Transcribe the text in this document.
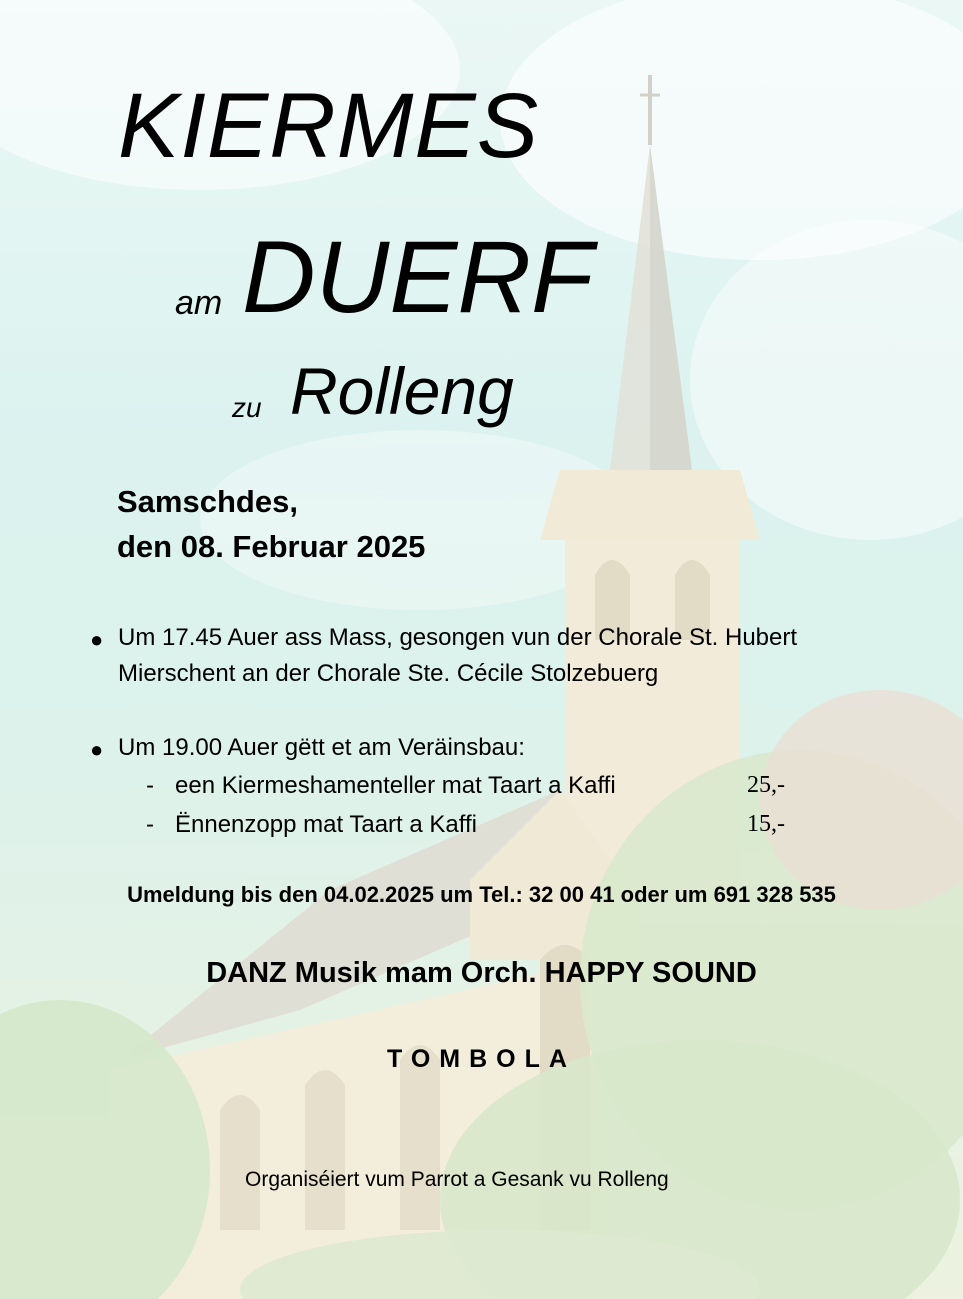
KIERMES
am DUERF
zu Rolleng
Samschdes,
den 08. Februar 2025
● Um 17.45 Auer ass Mass, gesongen vun der Chorale St. Hubert
Mierschent an der Chorale Ste. Cécile Stolzebuerg
● Um 19.00 Auer gëtt et am Veräinsbau:
- een Kiermeshamenteller mat Taart a Kaffi	25,-
- Ënnenzopp mat Taart a Kaffi	15,-
Umeldung bis den 04.02.2025 um Tel.: 32 00 41 oder um 691 328 535
DANZ Musik mam Orch. HAPPY SOUND
TOMBOLA
Organiséiert vum Parrot a Gesank vu Rolleng
